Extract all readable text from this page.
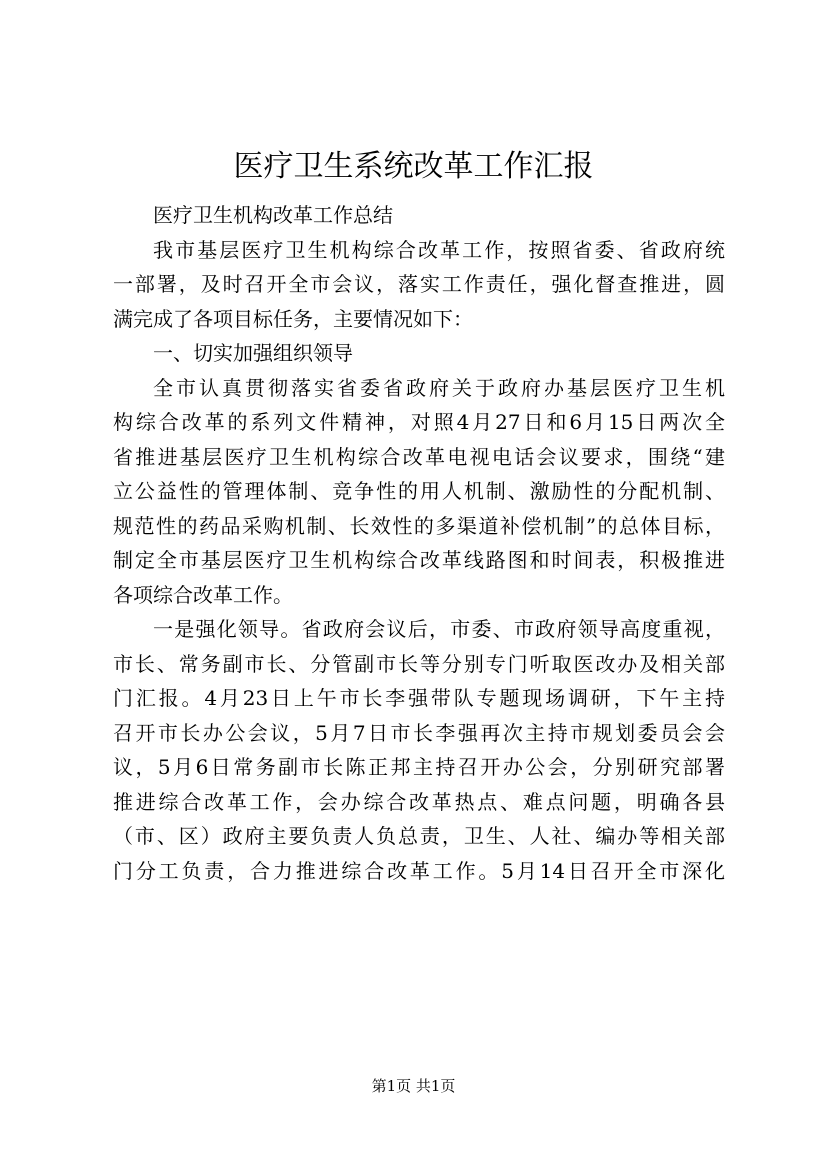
医疗卫生系统改革工作汇报
医疗卫生机构改革工作总结
我市基层医疗卫生机构综合改革工作，按照省委、省政府统
一部署，及时召开全市会议，落实工作责任，强化督查推进，圆
满完成了各项目标任务，主要情况如下：
一、切实加强组织领导
全市认真贯彻落实省委省政府关于政府办基层医疗卫生机
构综合改革的系列文件精神，对照4月27日和6月15日两次全
省推进基层医疗卫生机构综合改革电视电话会议要求，围绕“建
立公益性的管理体制、竞争性的用人机制、激励性的分配机制、
规范性的药品采购机制、长效性的多渠道补偿机制”的总体目标，
制定全市基层医疗卫生机构综合改革线路图和时间表，积极推进
各项综合改革工作。
一是强化领导。省政府会议后，市委、市政府领导高度重视，
市长、常务副市长、分管副市长等分别专门听取医改办及相关部
门汇报。4月23日上午市长李强带队专题现场调研，下午主持
召开市长办公会议，5月7日市长李强再次主持市规划委员会会
议，5月6日常务副市长陈正邦主持召开办公会，分别研究部署
推进综合改革工作，会办综合改革热点、难点问题，明确各县
（市、区）政府主要负责人负总责，卫生、人社、编办等相关部
门分工负责，合力推进综合改革工作。5月14日召开全市深化
第1页 共1页
